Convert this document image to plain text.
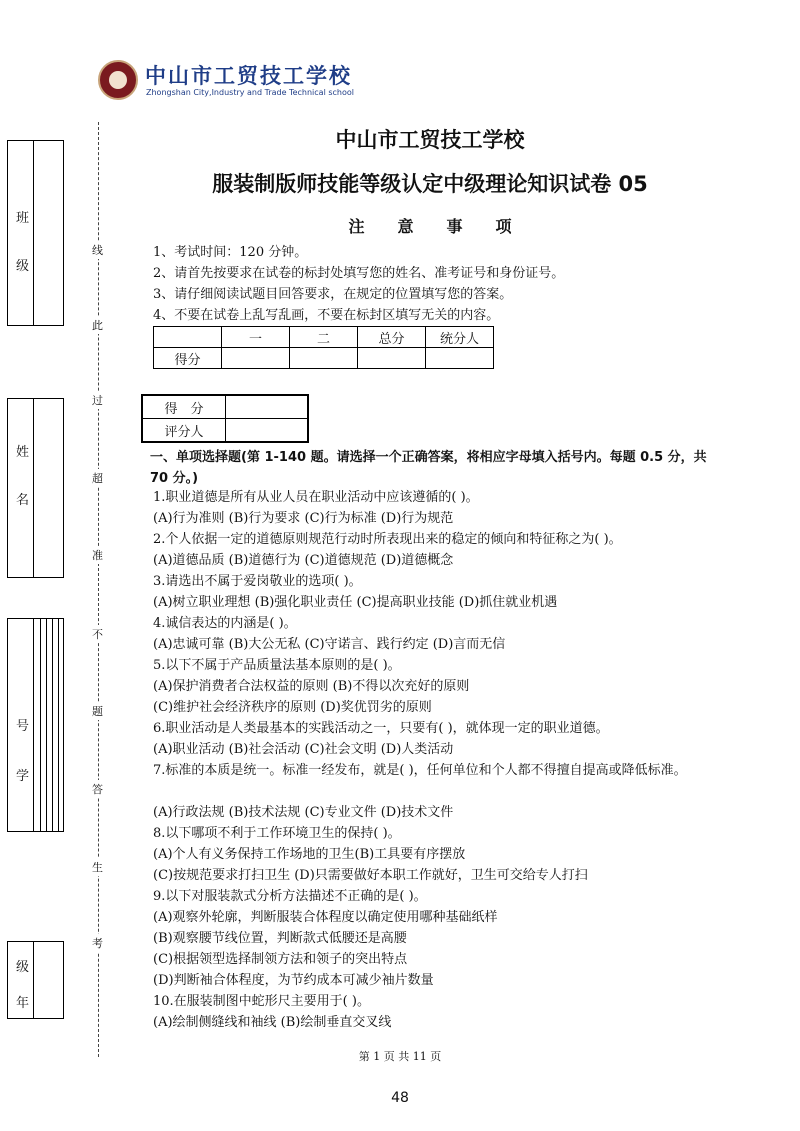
中山市工贸技工学校
Zhongshan City,Industry and Trade Technical school
班
级
姓
名
学
号
年
级
线
此
过
超
准
不
题
答
生
考
中山市工贸技工学校
服装制版师技能等级认定中级理论知识试卷 05
注意事项
1、考试时间：120 分钟。
2、请首先按要求在试卷的标封处填写您的姓名、准考证号和身份证号。
3、请仔细阅读试题目回答要求，在规定的位置填写您的答案。
4、不要在试卷上乱写乱画，不要在标封区填写无关的内容。
	一	二	总分	统分人
得分				
得　分	
评分人	
一、单项选择题(第 1-140 题。请选择一个正确答案，将相应字母填入括号内。每题 0.5 分，共 70 分。)
1.职业道德是所有从业人员在职业活动中应该遵循的( )。
(A)行为准则 (B)行为要求 (C)行为标准 (D)行为规范
2.个人依据一定的道德原则规范行动时所表现出来的稳定的倾向和特征称之为( )。
(A)道德品质 (B)道德行为 (C)道德规范 (D)道德概念
3.请选出不属于爱岗敬业的选项( )。
(A)树立职业理想 (B)强化职业责任 (C)提高职业技能 (D)抓住就业机遇
4.诚信表达的内涵是( )。
(A)忠诚可靠 (B)大公无私 (C)守诺言、践行约定 (D)言而无信
5.以下不属于产品质量法基本原则的是( )。
(A)保护消费者合法权益的原则 (B)不得以次充好的原则
(C)维护社会经济秩序的原则 (D)奖优罚劣的原则
6.职业活动是人类最基本的实践活动之一，只要有( )，就体现一定的职业道德。
(A)职业活动 (B)社会活动 (C)社会文明 (D)人类活动
7.标准的本质是统一。标准一经发布，就是( )，任何单位和个人都不得擅自提高或降低标准。
(A)行政法规 (B)技术法规 (C)专业文件 (D)技术文件
8.以下哪项不利于工作环境卫生的保持( )。
(A)个人有义务保持工作场地的卫生(B)工具要有序摆放
(C)按规范要求打扫卫生 (D)只需要做好本职工作就好，卫生可交给专人打扫
9.以下对服装款式分析方法描述不正确的是( )。
(A)观察外轮廓，判断服装合体程度以确定使用哪种基础纸样
(B)观察腰节线位置，判断款式低腰还是高腰
(C)根据领型选择制领方法和领子的突出特点
(D)判断袖合体程度，为节约成本可减少袖片数量
10.在服装制图中蛇形尺主要用于( )。
(A)绘制侧缝线和袖线 (B)绘制垂直交叉线
第 1 页 共 11 页
48
